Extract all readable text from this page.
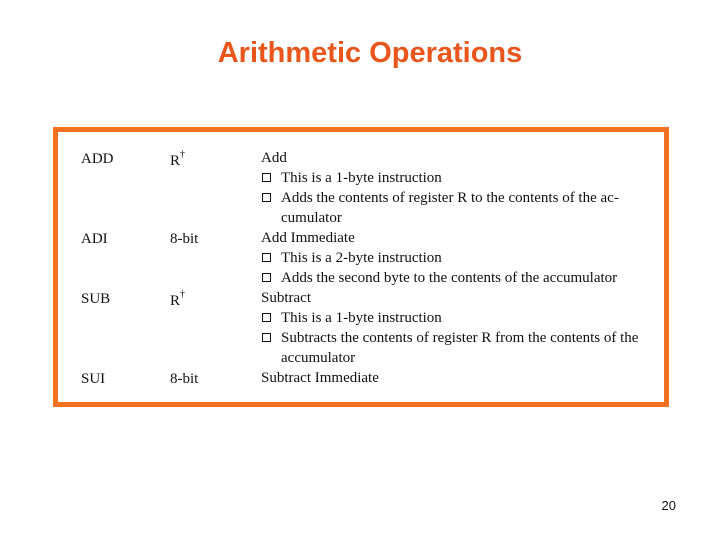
Arithmetic Operations
ADD	R†	Add
This is a 1-byte instruction
Adds the contents of register R to the contents of the ac-cumulator
ADI	8-bit	Add Immediate
This is a 2-byte instruction
Adds the second byte to the contents of the accumulator
SUB	R†	Subtract
This is a 1-byte instruction
Subtracts the contents of register R from the contents of the accumulator
SUI	8-bit	Subtract Immediate
20
